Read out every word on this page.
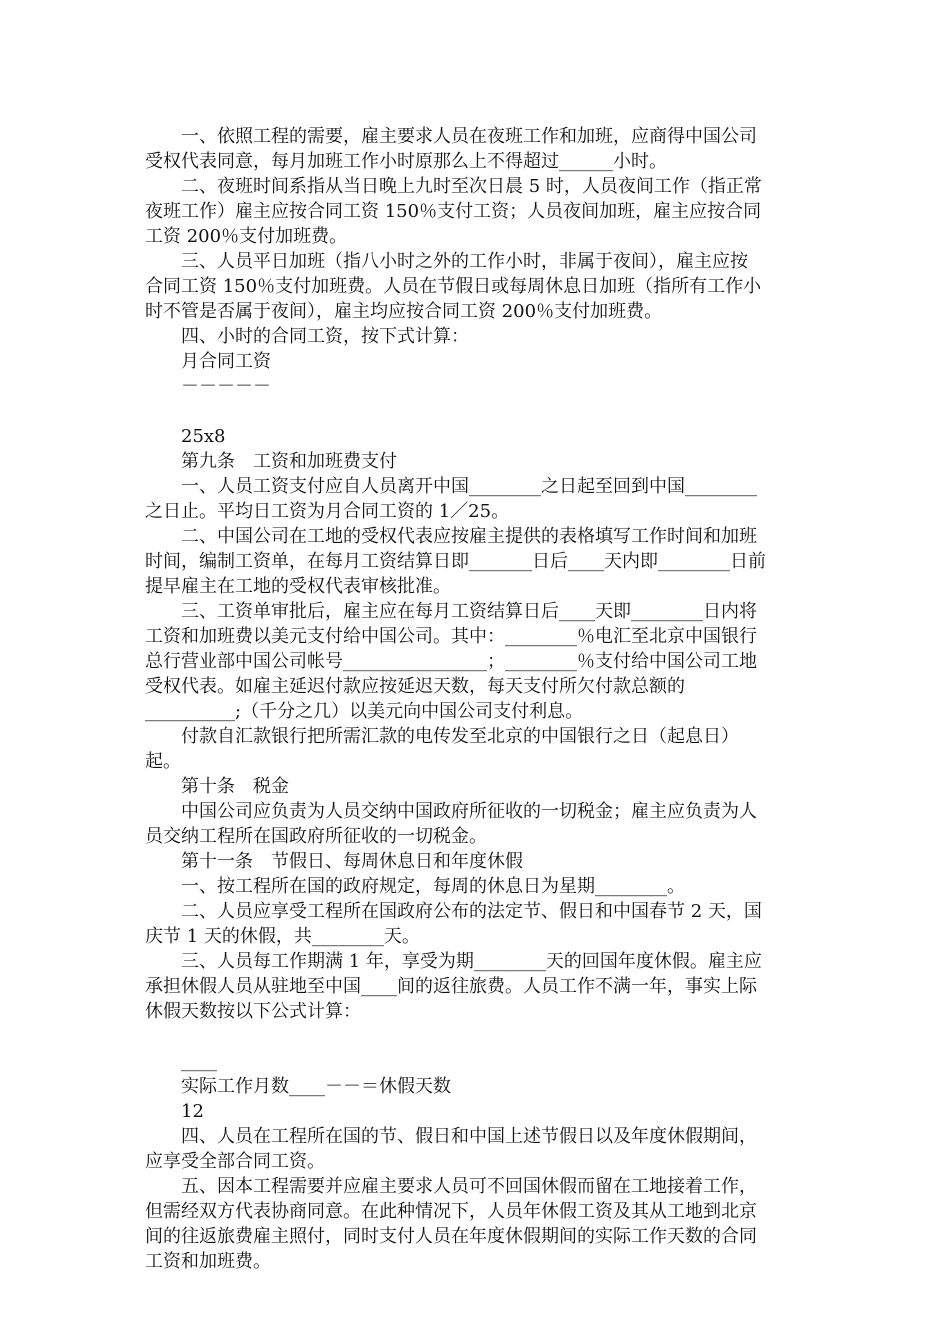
一、依照工程的需要，雇主要求人员在夜班工作和加班，应商得中国公司

受权代表同意，每月加班工作小时原那么上不得超过______小时。

二、夜班时间系指从当日晚上九时至次日晨 5 时，人员夜间工作（指正常

夜班工作）雇主应按合同工资 150％支付工资；人员夜间加班，雇主应按合同

工资 200％支付加班费。

三、人员平日加班（指八小时之外的工作小时，非属于夜间），雇主应按

合同工资 150％支付加班费。人员在节假日或每周休息日加班（指所有工作小

时不管是否属于夜间），雇主均应按合同工资 200％支付加班费。

四、小时的合同工资，按下式计算：

月合同工资

－－－－－

25x8

第九条　工资和加班费支付

一、人员工资支付应自人员离开中国________之日起至回到中国________

之日止。平均日工资为月合同工资的 1／25。

二、中国公司在工地的受权代表应按雇主提供的表格填写工作时间和加班

时间，编制工资单，在每月工资结算日即_______日后____天内即________日前

提早雇主在工地的受权代表审核批准。

三、工资单审批后，雇主应在每月工资结算日后____天即________日内将

工资和加班费以美元支付给中国公司。其中：________％电汇至北京中国银行

总行营业部中国公司帐号________________；________％支付给中国公司工地

受权代表。如雇主延迟付款应按延迟天数，每天支付所欠付款总额的

__________;（千分之几）以美元向中国公司支付利息。

付款自汇款银行把所需汇款的电传发至北京的中国银行之日（起息日）

起。

第十条　税金

中国公司应负责为人员交纳中国政府所征收的一切税金；雇主应负责为人

员交纳工程所在国政府所征收的一切税金。

第十一条　节假日、每周休息日和年度休假

一、按工程所在国的政府规定，每周的休息日为星期________。

二、人员应享受工程所在国政府公布的法定节、假日和中国春节 2 天，国

庆节 1 天的休假，共________天。

三、人员每工作期满 1 年，享受为期________天的回国年度休假。雇主应

承担休假人员从驻地至中国____间的返往旅费。人员工作不满一年，事实上际

休假天数按以下公式计算：

____

实际工作月数____－－＝休假天数

12

四、人员在工程所在国的节、假日和中国上述节假日以及年度休假期间，

应享受全部合同工资。

五、因本工程需要并应雇主要求人员可不回国休假而留在工地接着工作，

但需经双方代表协商同意。在此种情况下，人员年休假工资及其从工地到北京

间的往返旅费雇主照付，同时支付人员在年度休假期间的实际工作天数的合同

工资和加班费。
